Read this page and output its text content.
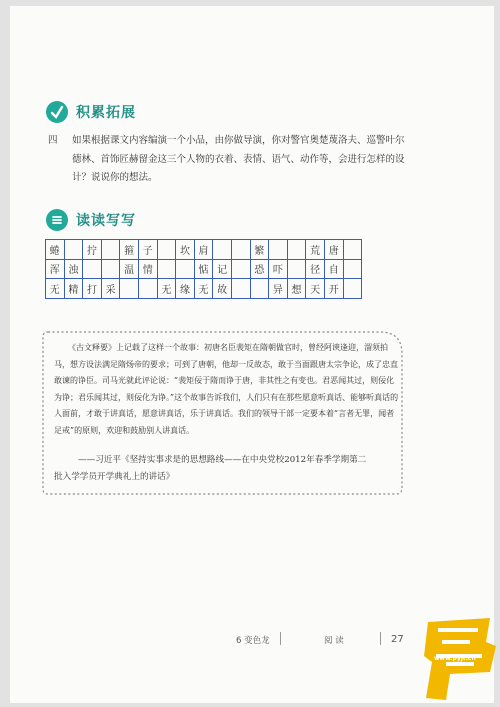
积累拓展
四 如果根据课文内容编演一个小品，由你做导演，你对警官奥楚蔑洛夫、巡警叶尔德林、首饰匠赫留金这三个人物的衣着、表情、语气、动作等，会进行怎样的设计？说说你的想法。
读读写写
蜷		拧		箍	子		坎	肩			繁			荒	唐	
浑	浊			温	情			惦	记		恐	吓		径	自	
无	精	打	采			无	缘	无	故			异	想	天	开	
《古文释要》上记载了这样一个故事：初唐名臣裴矩在隋朝做官时，曾经阿谀逢迎，溜须拍马，想方设法满足隋炀帝的要求；可到了唐朝，他却一反故态，敢于当面跟唐太宗争论，成了忠直敢谏的诤臣。司马光就此评论说：“裴矩佞于隋而诤于唐，非其性之有变也。君恶闻其过，则佞化为诤；君乐闻其过，则佞化为诤。”这个故事告诉我们，人们只有在那些愿意听真话、能够听真话的人面前，才敢于讲真话，愿意讲真话，乐于讲真话。我们的领导干部一定要本着“言者无罪，闻者足戒”的原则，欢迎和鼓励别人讲真话。
——习近平《坚持实事求是的思想路线——在中央党校2012年春季学期第二
批入学学员开学典礼上的讲话》
6 变色龙	阅 读	27
www.pyjt.cn
